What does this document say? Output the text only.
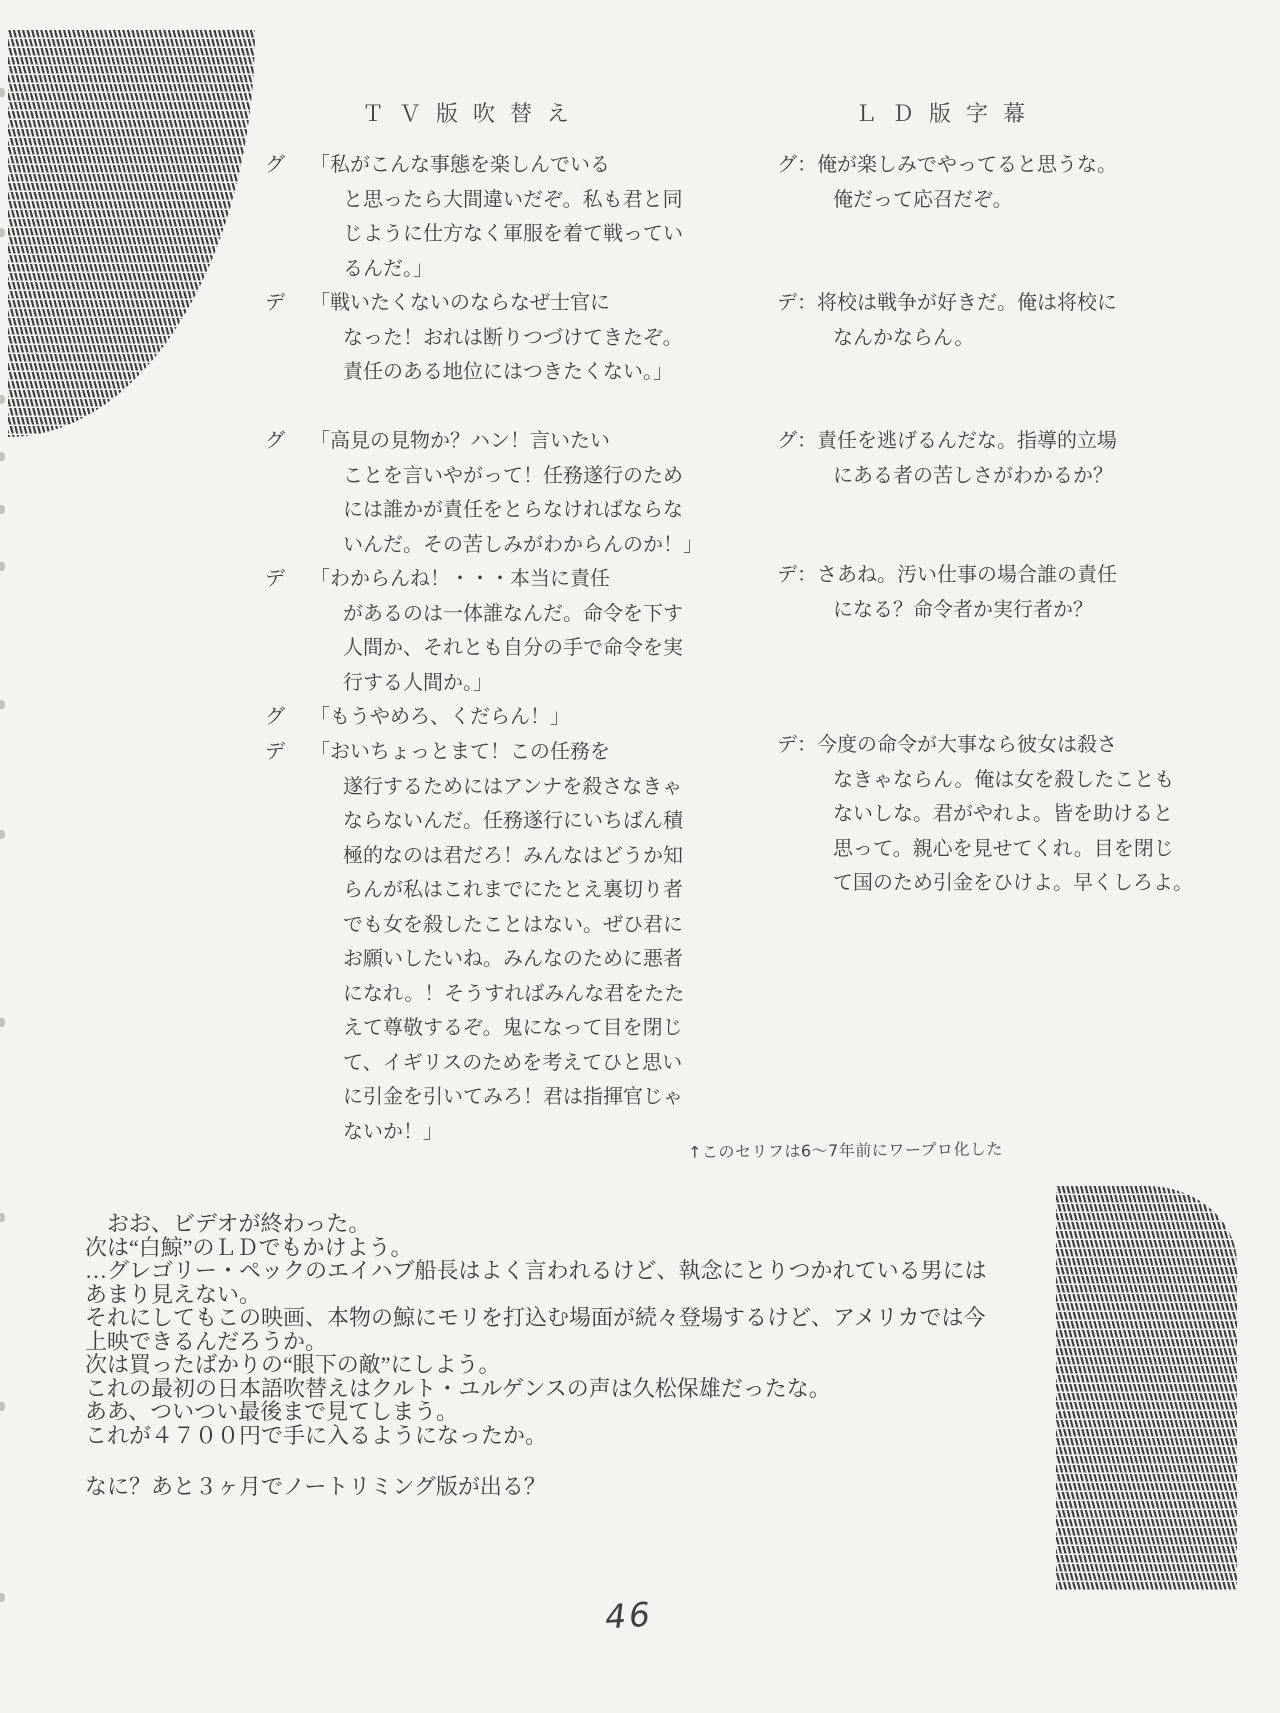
ＴＶ版吹替え	ＬＤ版字幕
グ 「私がこんな事態を楽しんでいる
と思ったら大間違いだぞ。私も君と同
じように仕方なく軍服を着て戦ってい
るんだ。」
デ 「戦いたくないのならなぜ士官に
なった！おれは断りつづけてきたぞ。
責任のある地位にはつきたくない。」
グ 「高見の見物か？ハン！言いたい
ことを言いやがって！任務遂行のため
には誰かが責任をとらなければならな
いんだ。その苦しみがわからんのか！」
デ 「わからんね！・・・本当に責任
があるのは一体誰なんだ。命令を下す
人間か、それとも自分の手で命令を実
行する人間か。」
グ 「もうやめろ、くだらん！」
デ 「おいちょっとまて！この任務を
遂行するためにはアンナを殺さなきゃ
ならないんだ。任務遂行にいちばん積
極的なのは君だろ！みんなはどうか知
らんが私はこれまでにたとえ裏切り者
でも女を殺したことはない。ぜひ君に
お願いしたいね。みんなのために悪者
になれ。！そうすればみんな君をたた
えて尊敬するぞ。鬼になって目を閉じ
て、イギリスのためを考えてひと思い
に引金を引いてみろ！君は指揮官じゃ
ないか！」
グ： 俺が楽しみでやってると思うな。
俺だって応召だぞ。
デ： 将校は戦争が好きだ。俺は将校に
なんかならん。
グ： 責任を逃げるんだな。指導的立場
にある者の苦しさがわかるか？
デ： さあね。汚い仕事の場合誰の責任
になる？命令者か実行者か？
デ： 今度の命令が大事なら彼女は殺さ
なきゃならん。俺は女を殺したことも
ないしな。君がやれよ。皆を助けると
思って。親心を見せてくれ。目を閉じ
て国のため引金をひけよ。早くしろよ。
↑このセリフは6～7年前にワープロ化した
　おお、ビデオが終わった。
次は“白鯨”のＬＤでもかけよう。
…グレゴリー・ペックのエイハブ船長はよく言われるけど、執念にとりつかれている男には
あまり見えない。
それにしてもこの映画、本物の鯨にモリを打込む場面が続々登場するけど、アメリカでは今
上映できるんだろうか。
次は買ったばかりの“眼下の敵”にしよう。
これの最初の日本語吹替えはクルト・ユルゲンスの声は久松保雄だったな。
ああ、ついつい最後まで見てしまう。
これが４７００円で手に入るようになったか。
なに？あと３ヶ月でノートリミング版が出る？
46
